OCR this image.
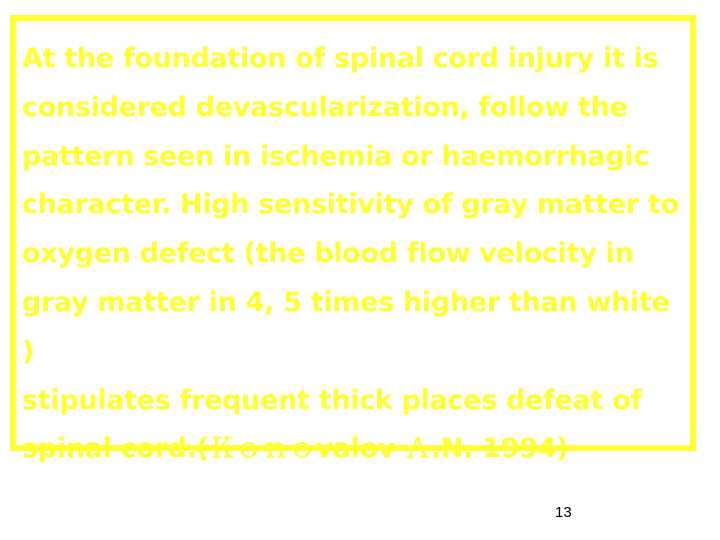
At the foundation of spinal cord injury it is
considered devascularization, follow the
pattern seen in ischemia or haemorrhagic
character. High sensitivity of gray matter to
oxygen defect (the blood flow velocity in
gray matter in 4, 5 times higher than white )
stipulates frequent thick places defeat of
spinal cord.(Ｋｏｎｏvalov Ａ.N. 1994)

13
